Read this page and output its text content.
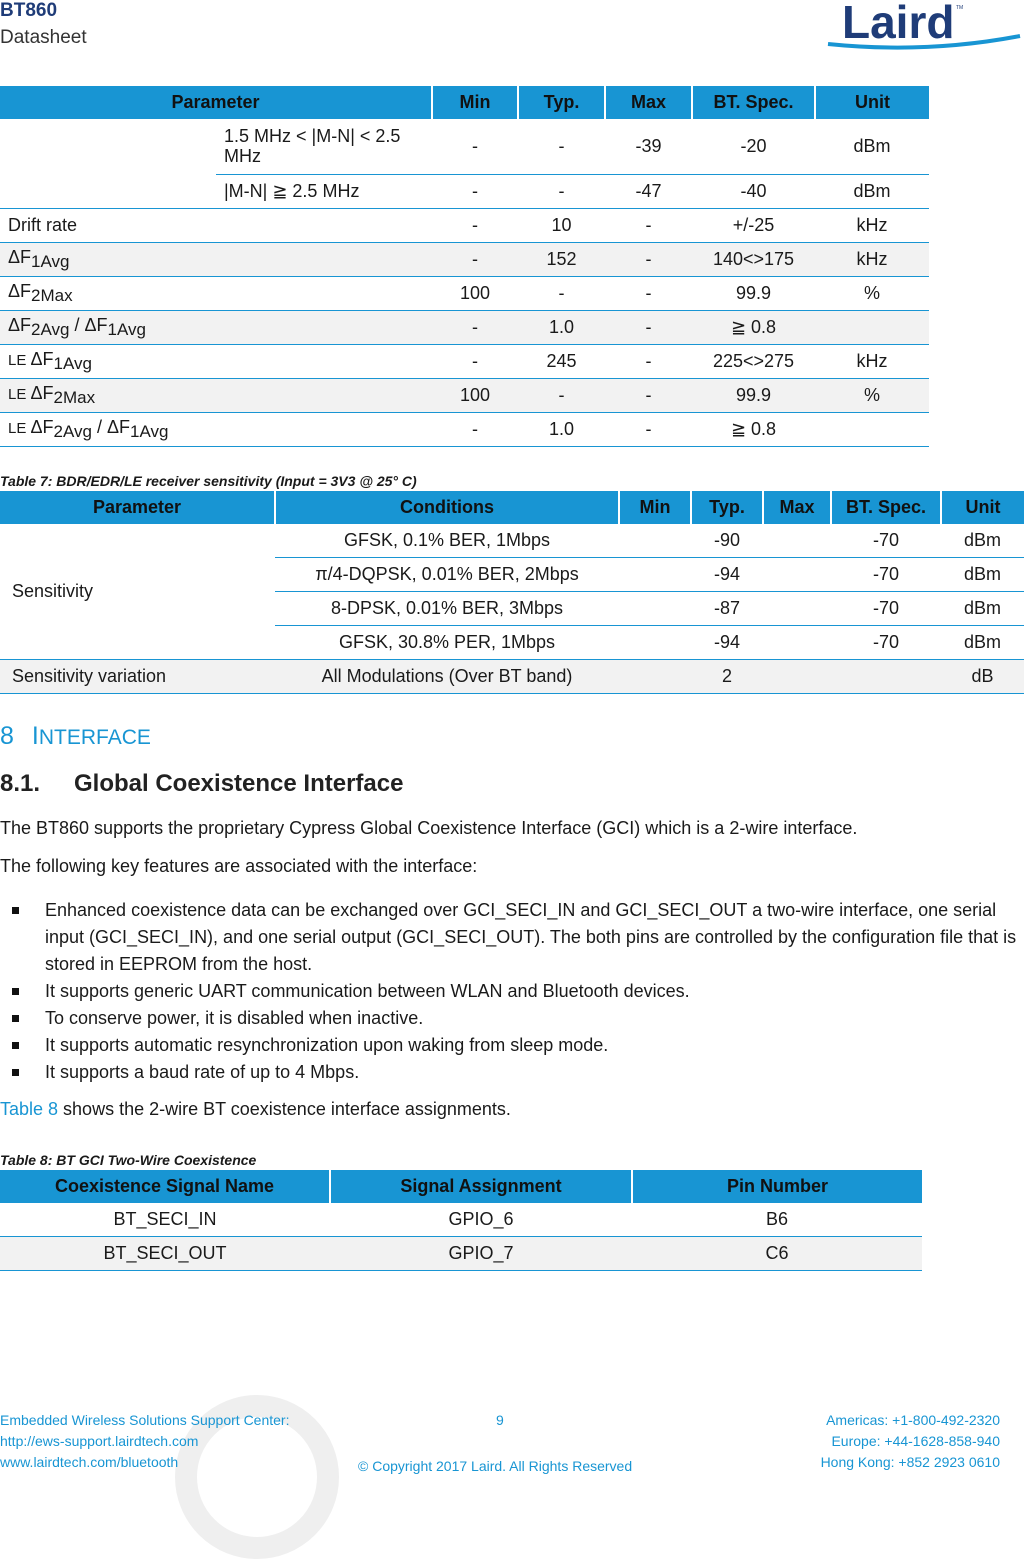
BT860
Datasheet	Laird TM
Parameter		Min	Typ.	Max	BT. Spec.	Unit
	1.5 MHz < |M-N| < 2.5 MHz	-	-	-39	-20	dBm
	|M-N| ≧ 2.5 MHz	-	-	-47	-40	dBm
Drift rate		-	10	-	+/-25	kHz
$\Delta F_{1Avg}$		-	152	-	140<>175	kHz
$\Delta F_{2Max}$		100	-	-	99.9	%
$\Delta F_{2Avg} / \Delta F_{1Avg}$		-	1.0	-	≧ 0.8	
LE $\Delta F_{1Avg}$		-	245	-	225<>275	kHz
LE $\Delta F_{2Max}$		100	-	-	99.9	%
LE $\Delta F_{2Avg} / \Delta F_{1Avg}$		-	1.0	-	≧ 0.8	
Table 7: BDR/EDR/LE receiver sensitivity (Input = 3V3 @ 25° C)
Parameter	Conditions	Min	Typ.	Max	BT. Spec.	Unit
Sensitivity	GFSK, 0.1% BER, 1Mbps		-90		-70	dBm
	π/4-DQPSK, 0.01% BER, 2Mbps		-94		-70	dBm
	8-DPSK, 0.01% BER, 3Mbps		-87		-70	dBm
	GFSK, 30.8% PER, 1Mbps		-94		-70	dBm
Sensitivity variation	All Modulations (Over BT band)		2			dB
8 INTERFACE
8.1. Global Coexistence Interface
The BT860 supports the proprietary Cypress Global Coexistence Interface (GCI) which is a 2-wire interface.
The following key features are associated with the interface:
Enhanced coexistence data can be exchanged over GCI_SECI_IN and GCI_SECI_OUT a two-wire interface, one serial input (GCI_SECI_IN), and one serial output (GCI_SECI_OUT). The both pins are controlled by the configuration file that is stored in EEPROM from the host.
It supports generic UART communication between WLAN and Bluetooth devices.
To conserve power, it is disabled when inactive.
It supports automatic resynchronization upon waking from sleep mode.
It supports a baud rate of up to 4 Mbps.
Table 8 shows the 2-wire BT coexistence interface assignments.
Table 8: BT GCI Two-Wire Coexistence
Coexistence Signal Name	Signal Assignment	Pin Number
BT_SECI_IN	GPIO_6	B6
BT_SECI_OUT	GPIO_7	C6
Embedded Wireless Solutions Support Center:
http://ews-support.lairdtech.com
www.lairdtech.com/bluetooth
9
© Copyright 2017 Laird. All Rights Reserved
Americas: +1-800-492-2320
Europe: +44-1628-858-940
Hong Kong: +852 2923 0610
